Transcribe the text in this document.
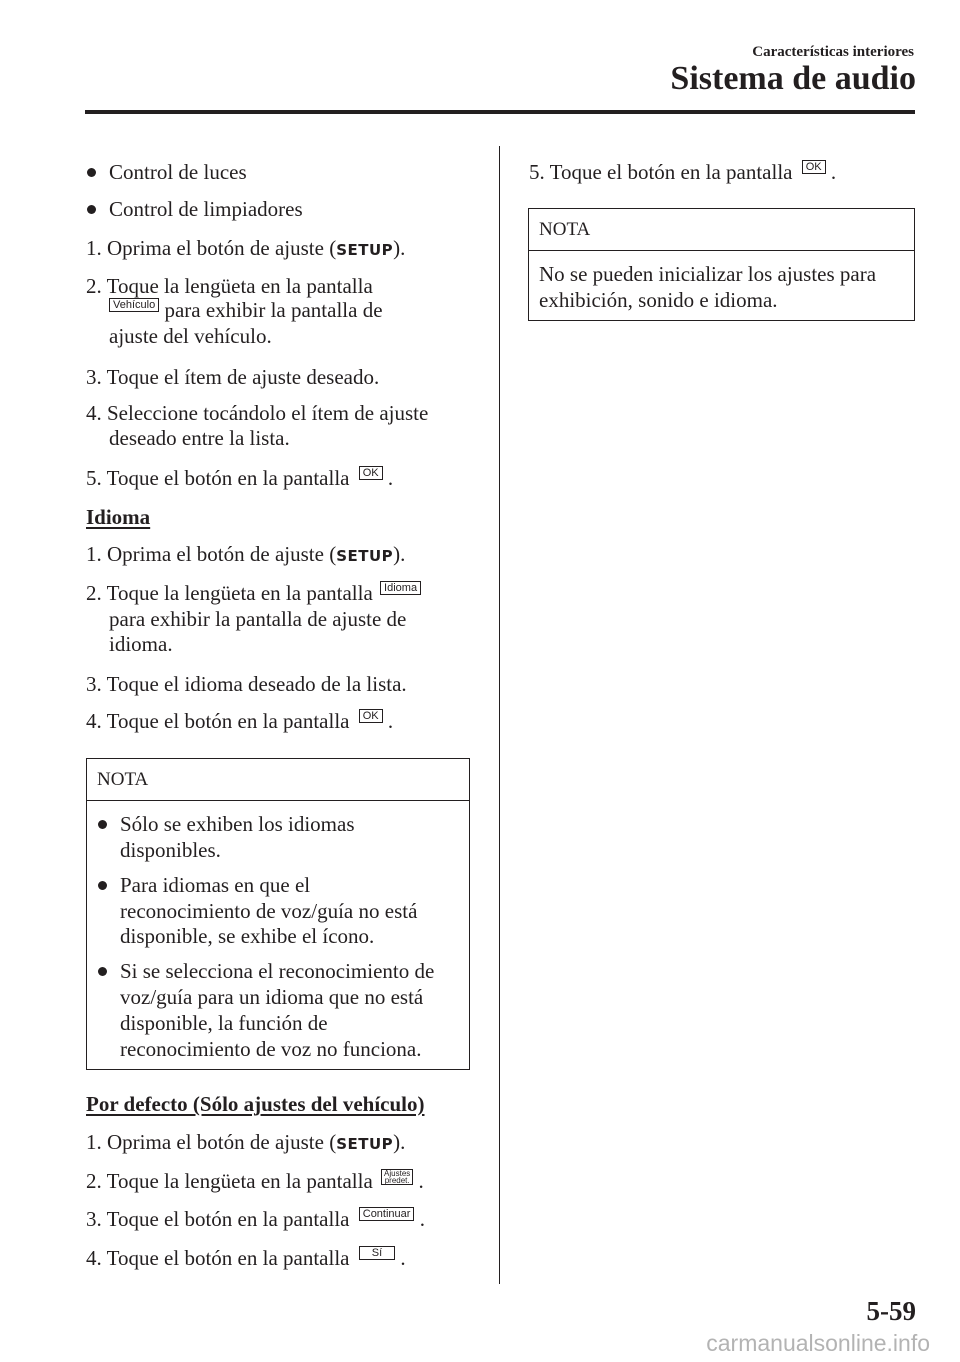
Características interiores
Sistema de audio
Control de luces
Control de limpiadores
1. Oprima el botón de ajuste (SETUP).
2. Toque la lengüeta en la pantalla
Vehículo para exhibir la pantalla de
ajuste del vehículo.
3. Toque el ítem de ajuste deseado.
4. Seleccione tocándolo el ítem de ajuste
deseado entre la lista.
5. Toque el botón en la pantalla OK .
Idioma
1. Oprima el botón de ajuste (SETUP).
2. Toque la lengüeta en la pantalla Idioma
para exhibir la pantalla de ajuste de
idioma.
3. Toque el idioma deseado de la lista.
4. Toque el botón en la pantalla OK .
NOTA
Sólo se exhiben los idiomas
disponibles.
Para idiomas en que el
reconocimiento de voz/guía no está
disponible, se exhibe el ícono.
Si se selecciona el reconocimiento de
voz/guía para un idioma que no está
disponible, la función de
reconocimiento de voz no funciona.
Por defecto (Sólo ajustes del vehículo)
1. Oprima el botón de ajuste (SETUP).
2. Toque la lengüeta en la pantalla Ajustes
predet. .
3. Toque el botón en la pantalla Continuar .
4. Toque el botón en la pantalla Sí .
5. Toque el botón en la pantalla OK .
NOTA
No se pueden inicializar los ajustes para
exhibición, sonido e idioma.
5-59
carmanualsonline.info
